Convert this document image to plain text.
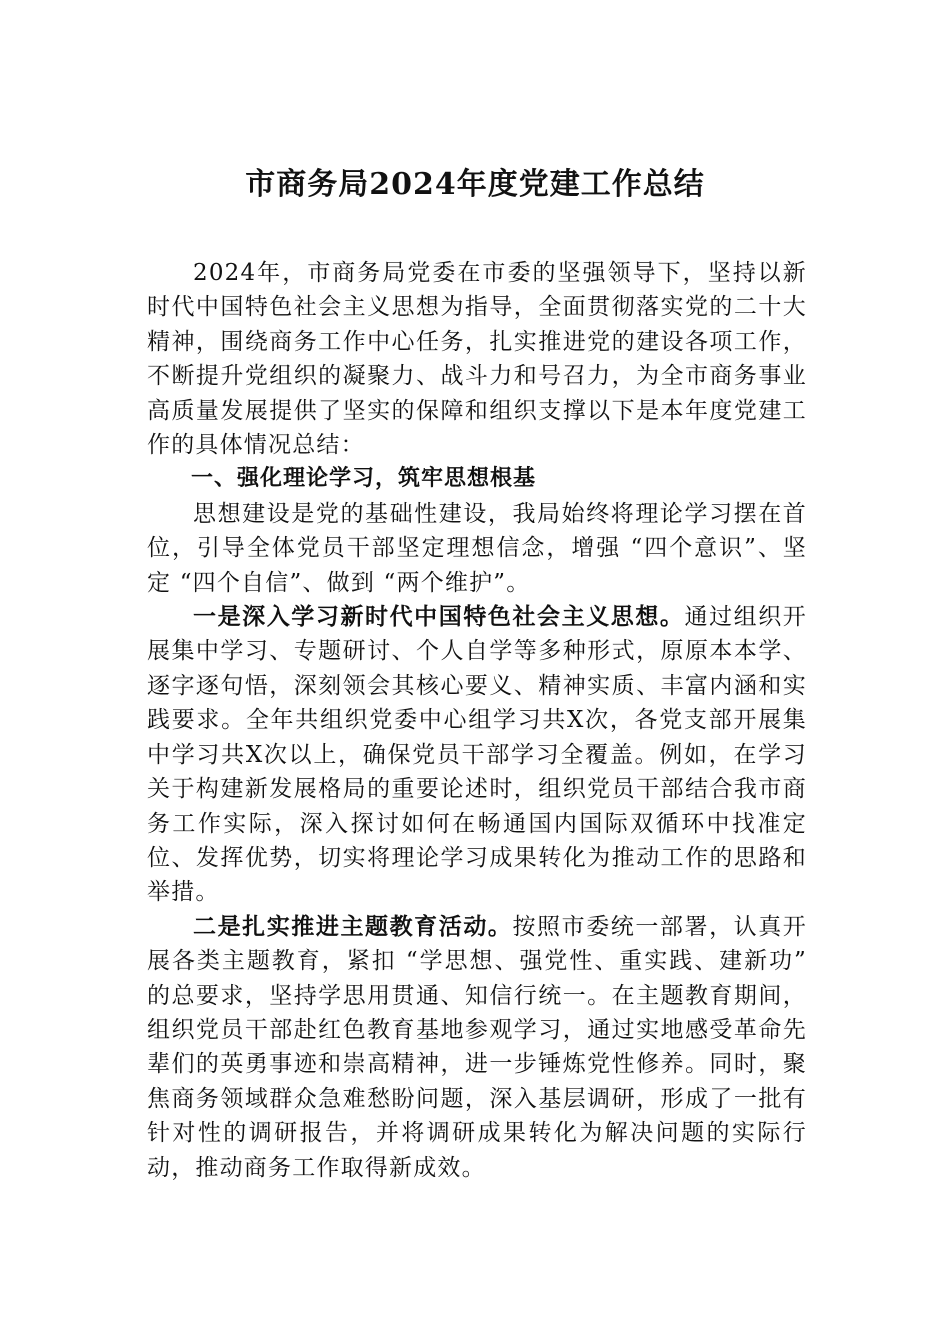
市商务局2024年度党建工作总结

2024年，市商务局党委在市委的坚强领导下，坚持以新时代中国特色社会主义思想为指导，全面贯彻落实党的二十大精神，围绕商务工作中心任务，扎实推进党的建设各项工作，不断提升党组织的凝聚力、战斗力和号召力，为全市商务事业高质量发展提供了坚实的保障和组织支撑以下是本年度党建工作的具体情况总结：

一、强化理论学习，筑牢思想根基

思想建设是党的基础性建设，我局始终将理论学习摆在首位，引导全体党员干部坚定理想信念，增强 “四个意识”、坚定 “四个自信”、做到 “两个维护”。

一是深入学习新时代中国特色社会主义思想。通过组织开展集中学习、专题研讨、个人自学等多种形式，原原本本学、逐字逐句悟，深刻领会其核心要义、精神实质、丰富内涵和实践要求。全年共组织党委中心组学习共X次，各党支部开展集中学习共X次以上，确保党员干部学习全覆盖。例如，在学习关于构建新发展格局的重要论述时，组织党员干部结合我市商务工作实际，深入探讨如何在畅通国内国际双循环中找准定位、发挥优势，切实将理论学习成果转化为推动工作的思路和举措。

二是扎实推进主题教育活动。按照市委统一部署，认真开展各类主题教育，紧扣 “学思想、强党性、重实践、建新功” 的总要求，坚持学思用贯通、知信行统一。在主题教育期间，组织党员干部赴红色教育基地参观学习，通过实地感受革命先辈们的英勇事迹和崇高精神，进一步锤炼党性修养。同时，聚焦商务领域群众急难愁盼问题，深入基层调研，形成了一批有针对性的调研报告，并将调研成果转化为解决问题的实际行动，推动商务工作取得新成效。
